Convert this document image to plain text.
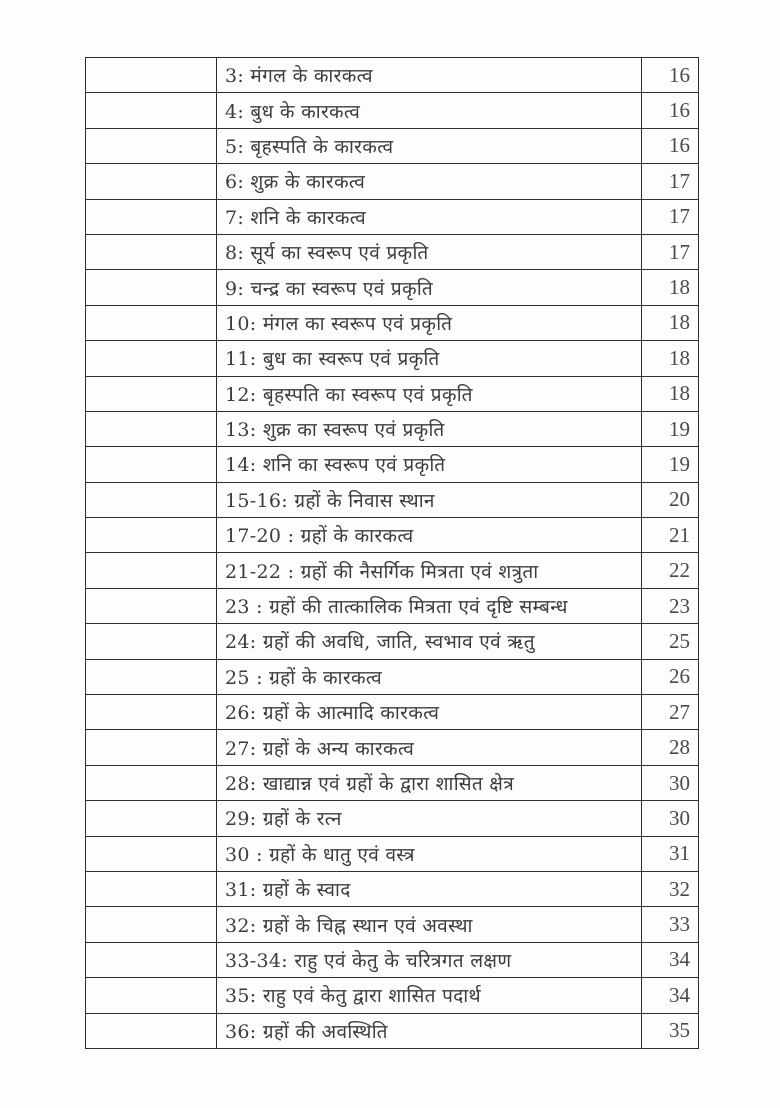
	3: मंगल के कारकत्व	16
	4: बुध के कारकत्व	16
	5: बृहस्पति के कारकत्व	16
	6: शुक्र के कारकत्व	17
	7: शनि के कारकत्व	17
	8: सूर्य का स्वरूप एवं प्रकृति	17
	9: चन्द्र का स्वरूप एवं प्रकृति	18
	10: मंगल का स्वरूप एवं प्रकृति	18
	11: बुध का स्वरूप एवं प्रकृति	18
	12: बृहस्पति का स्वरूप एवं प्रकृति	18
	13: शुक्र का स्वरूप एवं प्रकृति	19
	14: शनि का स्वरूप एवं प्रकृति	19
	15-16: ग्रहों के निवास स्थान	20
	17-20 : ग्रहों के कारकत्व	21
	21-22 : ग्रहों की नैसर्गिक मित्रता एवं शत्रुता	22
	23 : ग्रहों की तात्कालिक मित्रता एवं दृष्टि सम्बन्ध	23
	24: ग्रहों की अवधि, जाति, स्वभाव एवं ऋतु	25
	25 : ग्रहों के कारकत्व	26
	26: ग्रहों के आत्मादि कारकत्व	27
	27: ग्रहों के अन्य कारकत्व	28
	28: खाद्यान्न एवं ग्रहों के द्वारा शासित क्षेत्र	30
	29: ग्रहों के रत्न	30
	30 : ग्रहों के धातु एवं वस्त्र	31
	31: ग्रहों के स्वाद	32
	32: ग्रहों के चिह्न स्थान एवं अवस्था	33
	33-34: राहु एवं केतु के चरित्रगत लक्षण	34
	35: राहु एवं केतु द्वारा शासित पदार्थ	34
	36: ग्रहों की अवस्थिति	35
